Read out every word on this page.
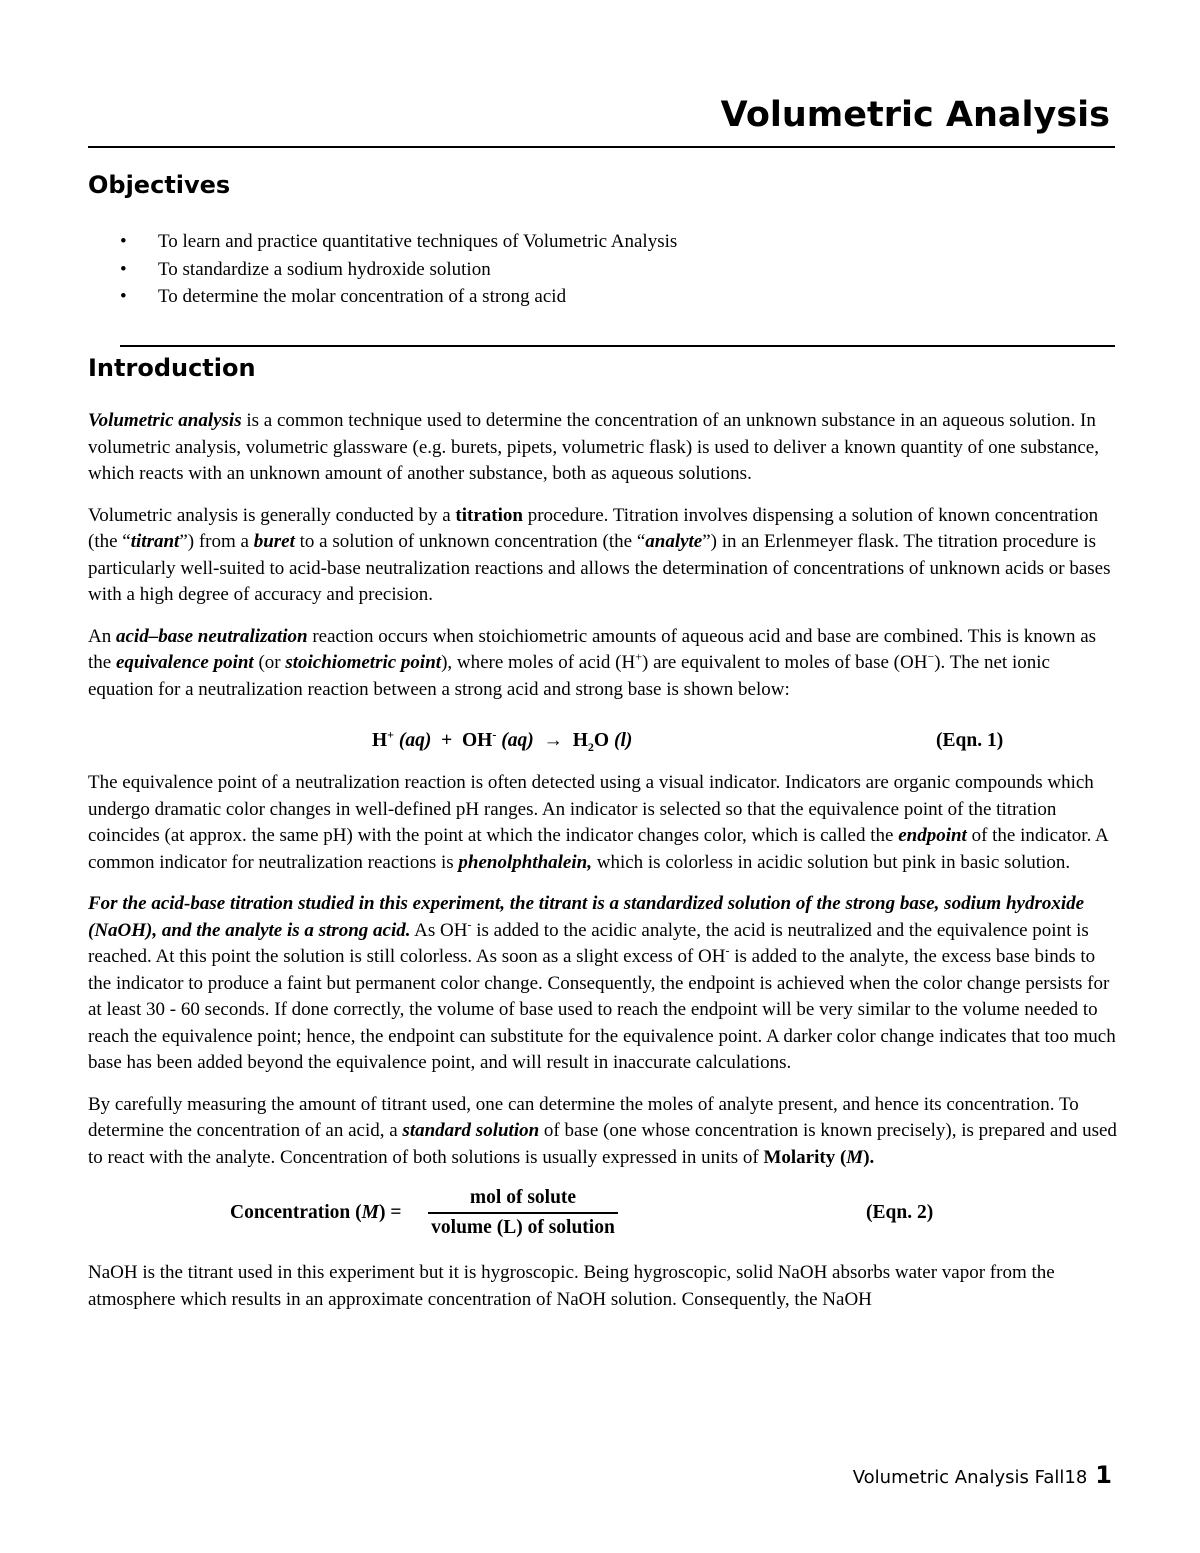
Volumetric Analysis
Objectives
• To learn and practice quantitative techniques of Volumetric Analysis
• To standardize a sodium hydroxide solution
• To determine the molar concentration of a strong acid
Introduction

Volumetric analysis is a common technique used to determine the concentration of an unknown substance in an aqueous solution. In volumetric analysis, volumetric glassware (e.g. burets, pipets, volumetric flask) is used to deliver a known quantity of one substance, which reacts with an unknown amount of another substance, both as aqueous solutions.

Volumetric analysis is generally conducted by a titration procedure. Titration involves dispensing a solution of known concentration (the “titrant”) from a buret to a solution of unknown concentration (the “analyte”) in an Erlenmeyer flask. The titration procedure is particularly well-suited to acid-base neutralization reactions and allows the determination of concentrations of unknown acids or bases with a high degree of accuracy and precision.

An acid–base neutralization reaction occurs when stoichiometric amounts of aqueous acid and base are combined. This is known as the equivalence point (or stoichiometric point), where moles of acid (H+) are equivalent to moles of base (OH−). The net ionic equation for a neutralization reaction between a strong acid and strong base is shown below:

H+ (aq) + OH- $(aq) \to H_2O$ (l)	(Eqn. 1)

The equivalence point of a neutralization reaction is often detected using a visual indicator. Indicators are organic compounds which undergo dramatic color changes in well-defined pH ranges. An indicator is selected so that the equivalence point of the titration coincides (at approx. the same pH) with the point at which the indicator changes color, which is called the endpoint of the indicator. A common indicator for neutralization reactions is phenolphthalein, which is colorless in acidic solution but pink in basic solution.

For the acid-base titration studied in this experiment, the titrant is a standardized solution of the strong base, sodium hydroxide (NaOH), and the analyte is a strong acid. As OH- is added to the acidic analyte, the acid is neutralized and the equivalence point is reached. At this point the solution is still colorless. As soon as a slight excess of OH- is added to the analyte, the excess base binds to the indicator to produce a faint but permanent color change. Consequently, the endpoint is achieved when the color change persists for at least 30 - 60 seconds. If done correctly, the volume of base used to reach the endpoint will be very similar to the volume needed to reach the equivalence point; hence, the endpoint can substitute for the equivalence point. A darker color change indicates that too much base has been added beyond the equivalence point, and will result in inaccurate calculations.

By carefully measuring the amount of titrant used, one can determine the moles of analyte present, and hence its concentration. To determine the concentration of an acid, a standard solution of base (one whose concentration is known precisely), is prepared and used to react with the analyte. Concentration of both solutions is usually expressed in units of Molarity (M).

Concentration (M) =
mol of solute
volume (L) of solution
(Eqn. 2)

NaOH is the titrant used in this experiment but it is hygroscopic. Being hygroscopic, solid NaOH absorbs water vapor from the atmosphere which results in an approximate concentration of NaOH solution. Consequently, the NaOH

Volumetric Analysis Fall18 1
